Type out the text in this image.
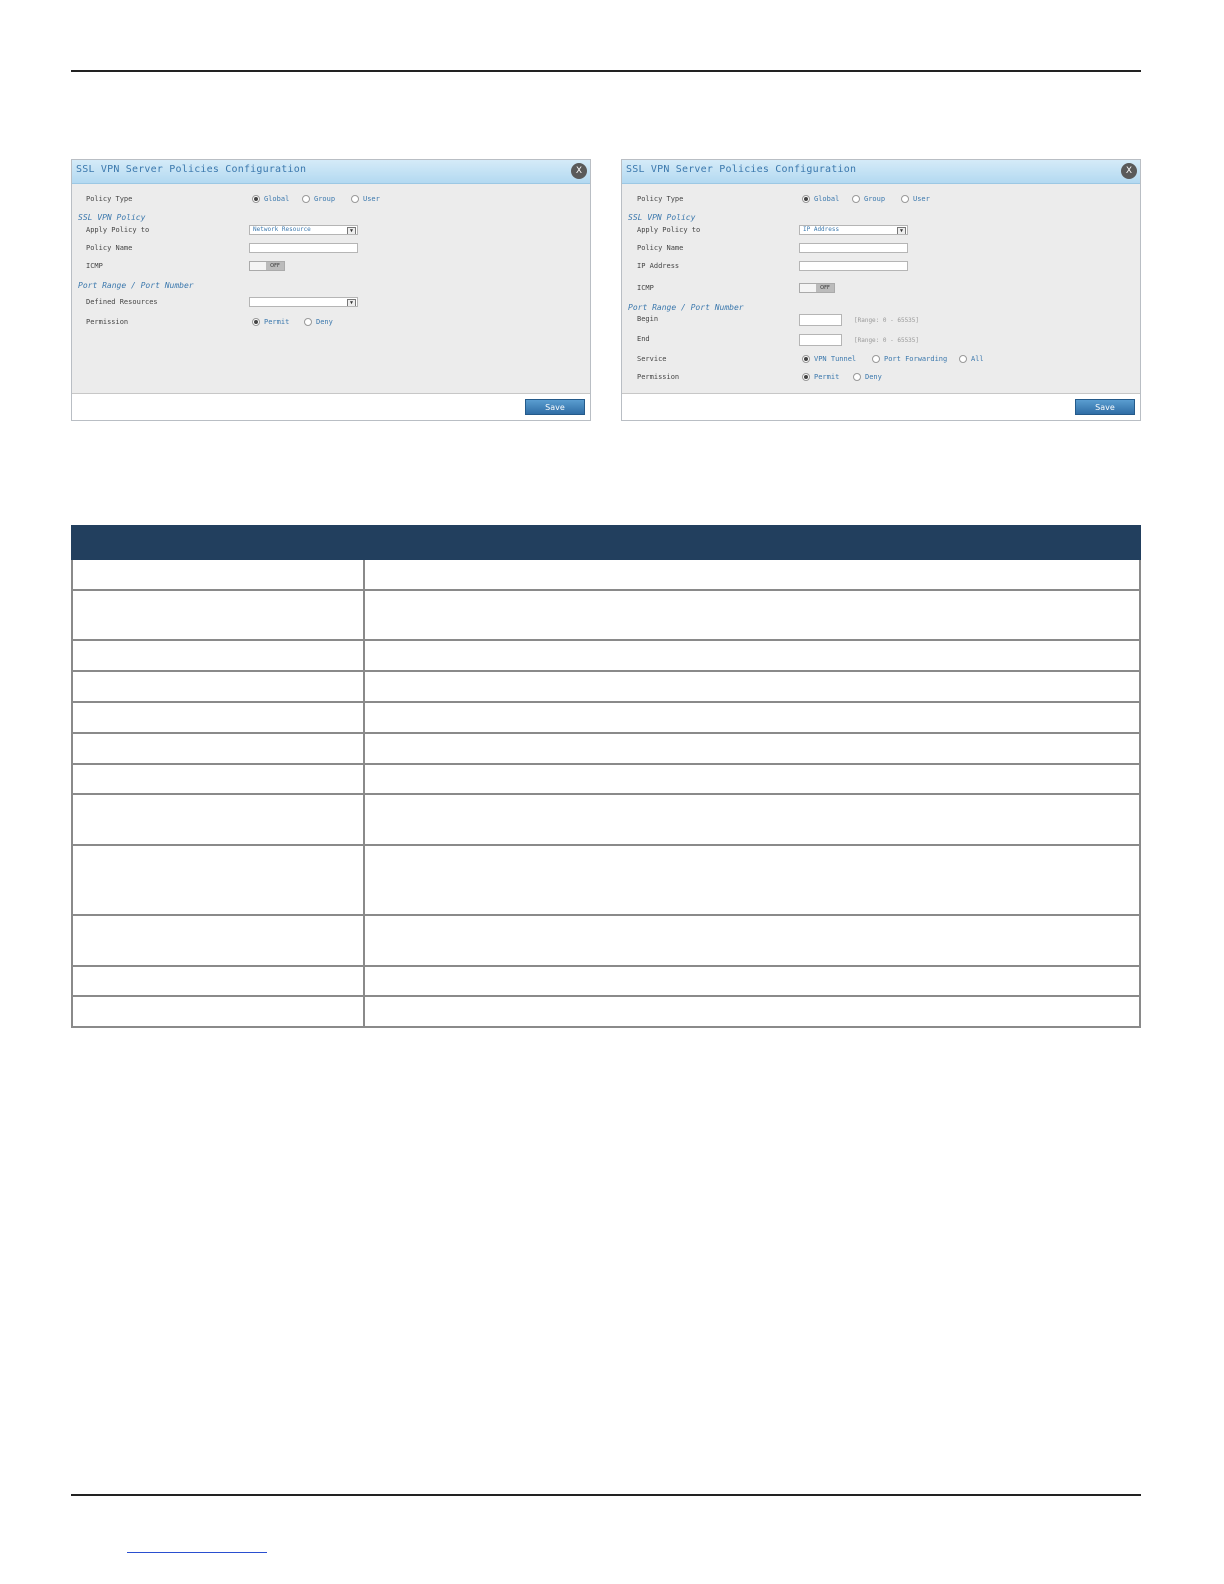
SSL VPN Server Policies Configuration	X
Policy Type	Global	Group	User
SSL VPN Policy
Apply Policy to	Network Resource	▼
Policy Name
ICMP	OFF
Port Range / Port Number
Defined Resources	▼
Permission	Permit	Deny
Save
SSL VPN Server Policies Configuration	X
Policy Type	Global	Group	User
SSL VPN Policy
Apply Policy to	IP Address	▼
Policy Name
IP Address
ICMP	OFF
Port Range / Port Number
Begin	[Range: 0 - 65535]
End	[Range: 0 - 65535]
Service	VPN Tunnel	Port Forwarding	All
Permission	Permit	Deny
Save
